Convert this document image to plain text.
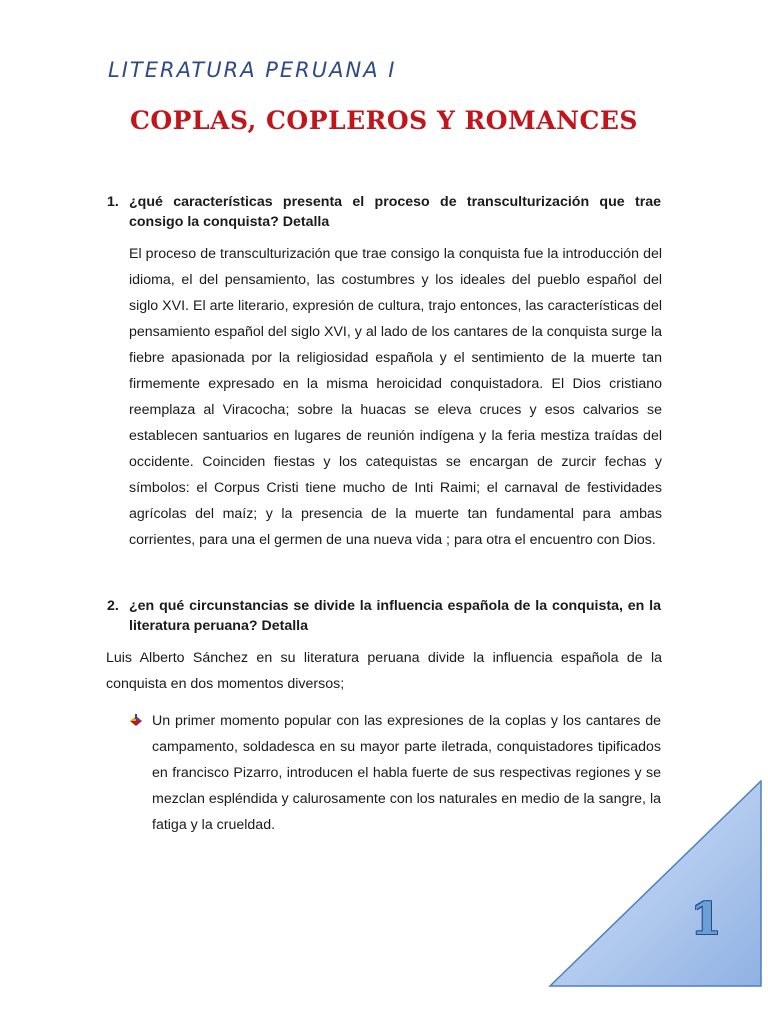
LITERATURA PERUANA I
COPLAS, COPLEROS Y ROMANCES

1. ¿qué características presenta el proceso de transculturización que trae consigo la conquista? Detalla

El proceso de transculturización que trae consigo la conquista fue la introducción del idioma, el del pensamiento, las costumbres y los ideales del pueblo español del siglo XVI. El arte literario, expresión de cultura, trajo entonces, las características del pensamiento español del siglo XVI, y al lado de los cantares de la conquista surge la fiebre apasionada por la religiosidad española y el sentimiento de la muerte tan firmemente expresado en la misma heroicidad conquistadora. El Dios cristiano reemplaza al Viracocha; sobre la huacas se eleva cruces y esos calvarios se establecen santuarios en lugares de reunión indígena y la feria mestiza traídas del occidente. Coinciden fiestas y los catequistas se encargan de zurcir fechas y símbolos: el Corpus Cristi tiene mucho de Inti Raimi; el carnaval de festividades agrícolas del maíz; y la presencia de la muerte tan fundamental para ambas corrientes, para una el germen de una nueva vida ; para otra el encuentro con Dios.

2. ¿en qué circunstancias se divide la influencia española de la conquista, en la literatura peruana? Detalla

Luis Alberto Sánchez en su literatura peruana divide la influencia española de la conquista en dos momentos diversos;

Un primer momento popular con las expresiones de la coplas y los cantares de campamento, soldadesca en su mayor parte iletrada, conquistadores tipificados en francisco Pizarro, introducen el habla fuerte de sus respectivas regiones y se mezclan espléndida y calurosamente con los naturales en medio de la sangre, la fatiga y la crueldad.

1
